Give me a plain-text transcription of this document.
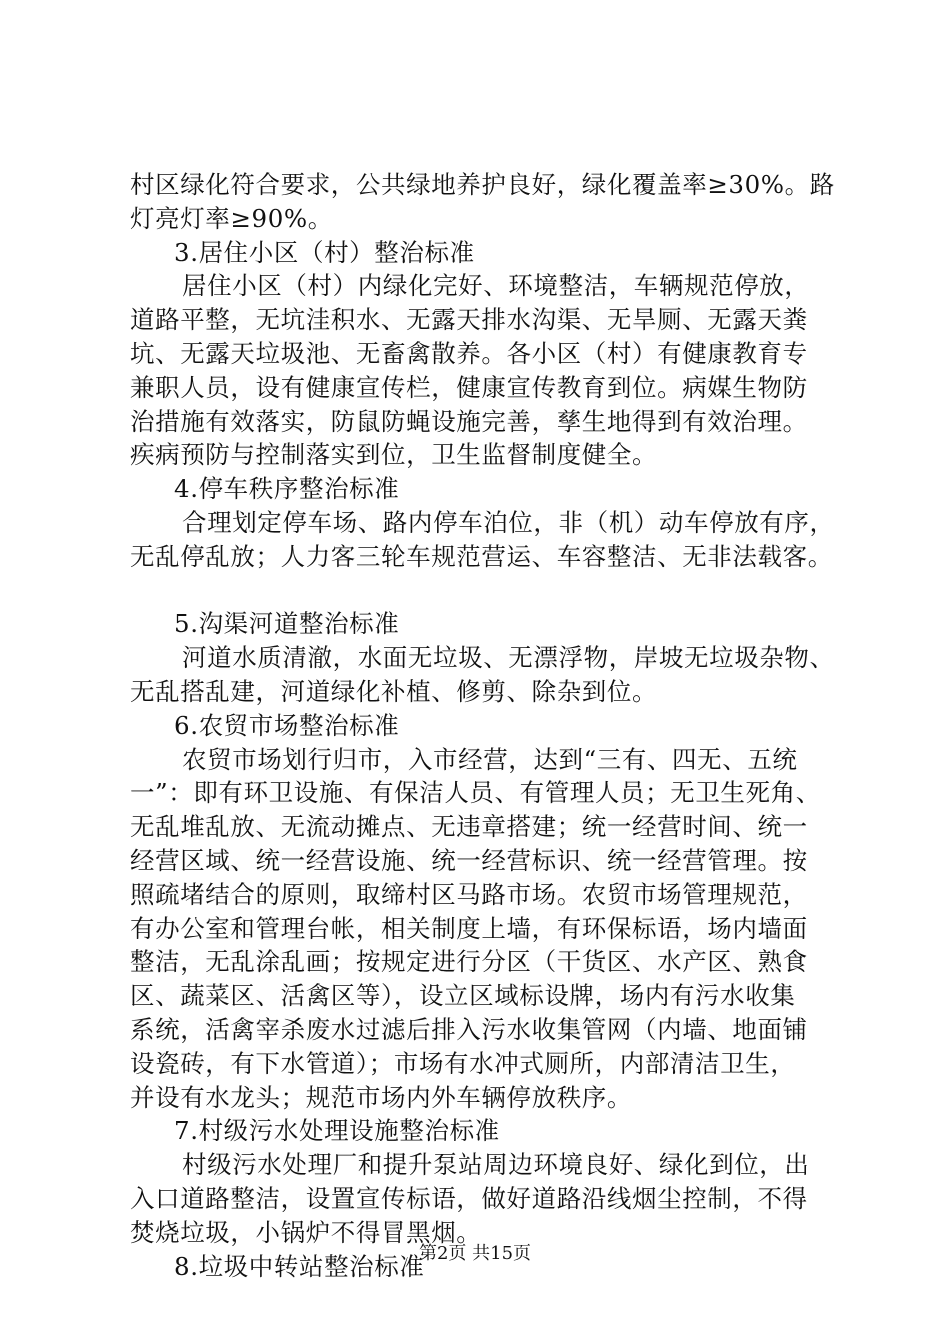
村区绿化符合要求，公共绿地养护良好，绿化覆盖率≥30%。路
灯亮灯率≥90%。
3.居住小区（村）整治标准
居住小区（村）内绿化完好、环境整洁，车辆规范停放，
道路平整，无坑洼积水、无露天排水沟渠、无旱厕、无露天粪
坑、无露天垃圾池、无畜禽散养。各小区（村）有健康教育专
兼职人员，设有健康宣传栏，健康宣传教育到位。病媒生物防
治措施有效落实，防鼠防蝇设施完善，孳生地得到有效治理。
疾病预防与控制落实到位，卫生监督制度健全。
4.停车秩序整治标准
合理划定停车场、路内停车泊位，非（机）动车停放有序，
无乱停乱放；人力客三轮车规范营运、车容整洁、无非法载客。
5.沟渠河道整治标准
河道水质清澈，水面无垃圾、无漂浮物，岸坡无垃圾杂物、
无乱搭乱建，河道绿化补植、修剪、除杂到位。
6.农贸市场整治标准
农贸市场划行归市，入市经营，达到“三有、四无、五统
一”：即有环卫设施、有保洁人员、有管理人员；无卫生死角、
无乱堆乱放、无流动摊点、无违章搭建；统一经营时间、统一
经营区域、统一经营设施、统一经营标识、统一经营管理。按
照疏堵结合的原则，取缔村区马路市场。农贸市场管理规范，
有办公室和管理台帐，相关制度上墙，有环保标语，场内墙面
整洁，无乱涂乱画；按规定进行分区（干货区、水产区、熟食
区、蔬菜区、活禽区等），设立区域标设牌，场内有污水收集
系统，活禽宰杀废水过滤后排入污水收集管网（内墙、地面铺
设瓷砖，有下水管道）；市场有水冲式厕所，内部清洁卫生，
并设有水龙头；规范市场内外车辆停放秩序。
7.村级污水处理设施整治标准
村级污水处理厂和提升泵站周边环境良好、绿化到位，出
入口道路整洁，设置宣传标语，做好道路沿线烟尘控制，不得
焚烧垃圾，小锅炉不得冒黑烟。
8.垃圾中转站整治标准
第2页 共15页
